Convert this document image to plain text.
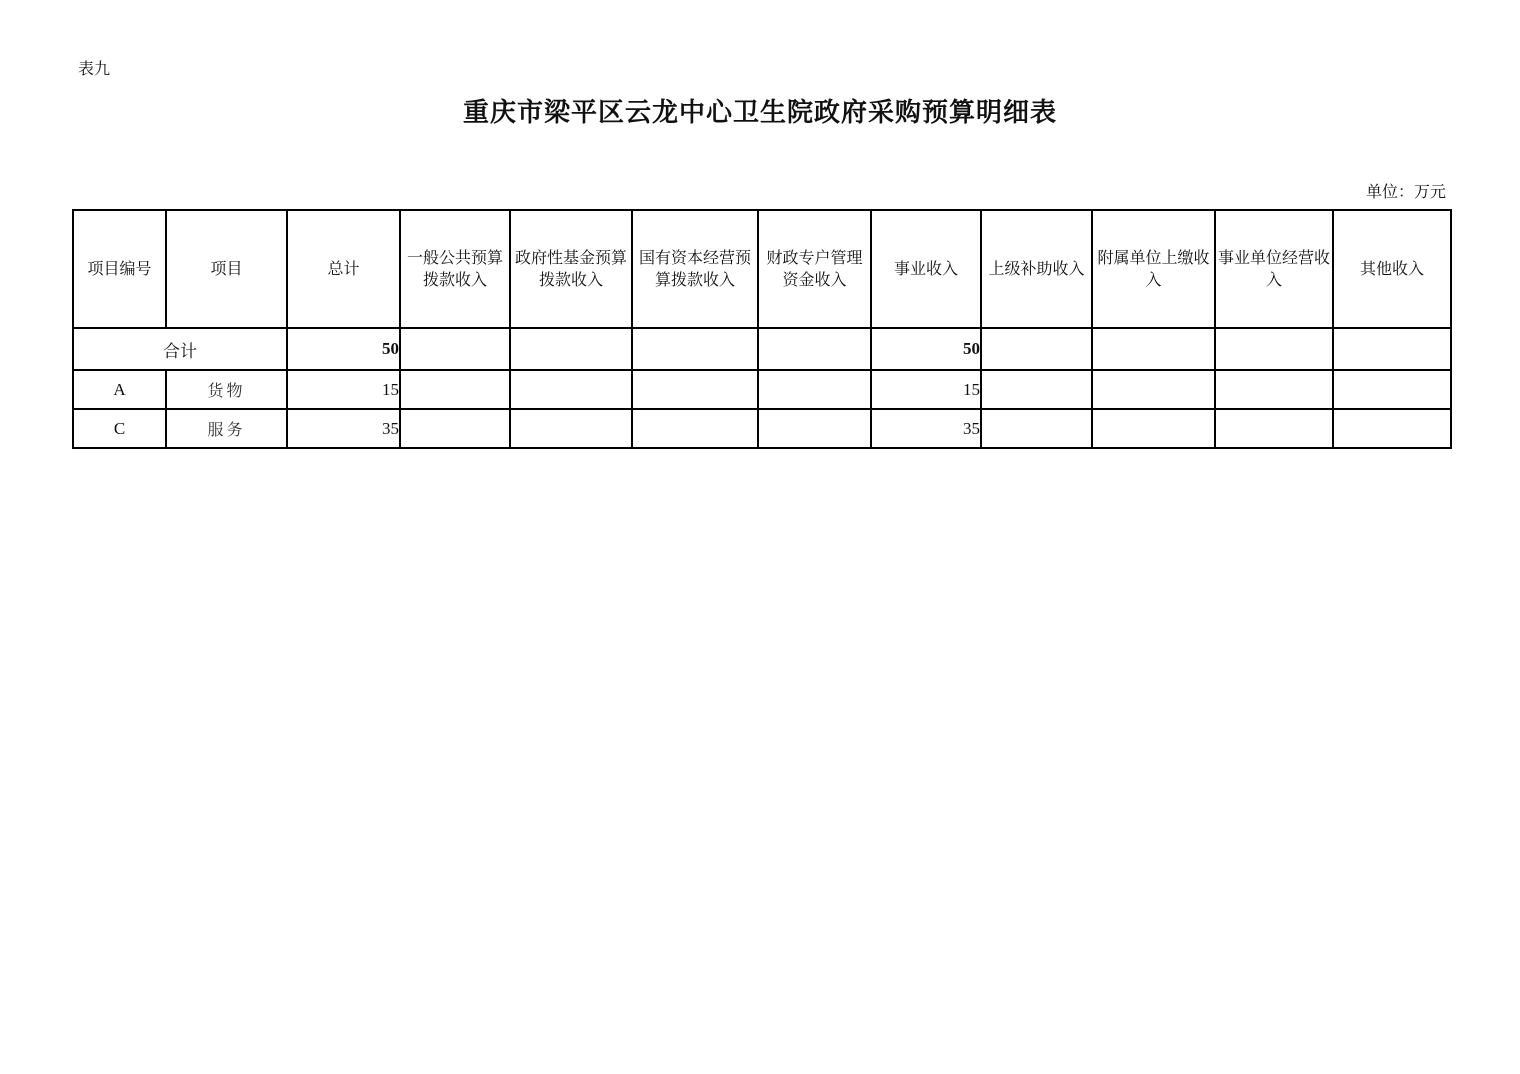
表九
重庆市梁平区云龙中心卫生院政府采购预算明细表
单位：万元
项目编号	项目	总计	一般公共预算拨款收入	政府性基金预算拨款收入	国有资本经营预算拨款收入	财政专户管理资金收入	事业收入	上级补助收入	附属单位上缴收入	事业单位经营收入	其他收入
合计		50					50				
A	货物	15					15				
C	服务	35					35				
